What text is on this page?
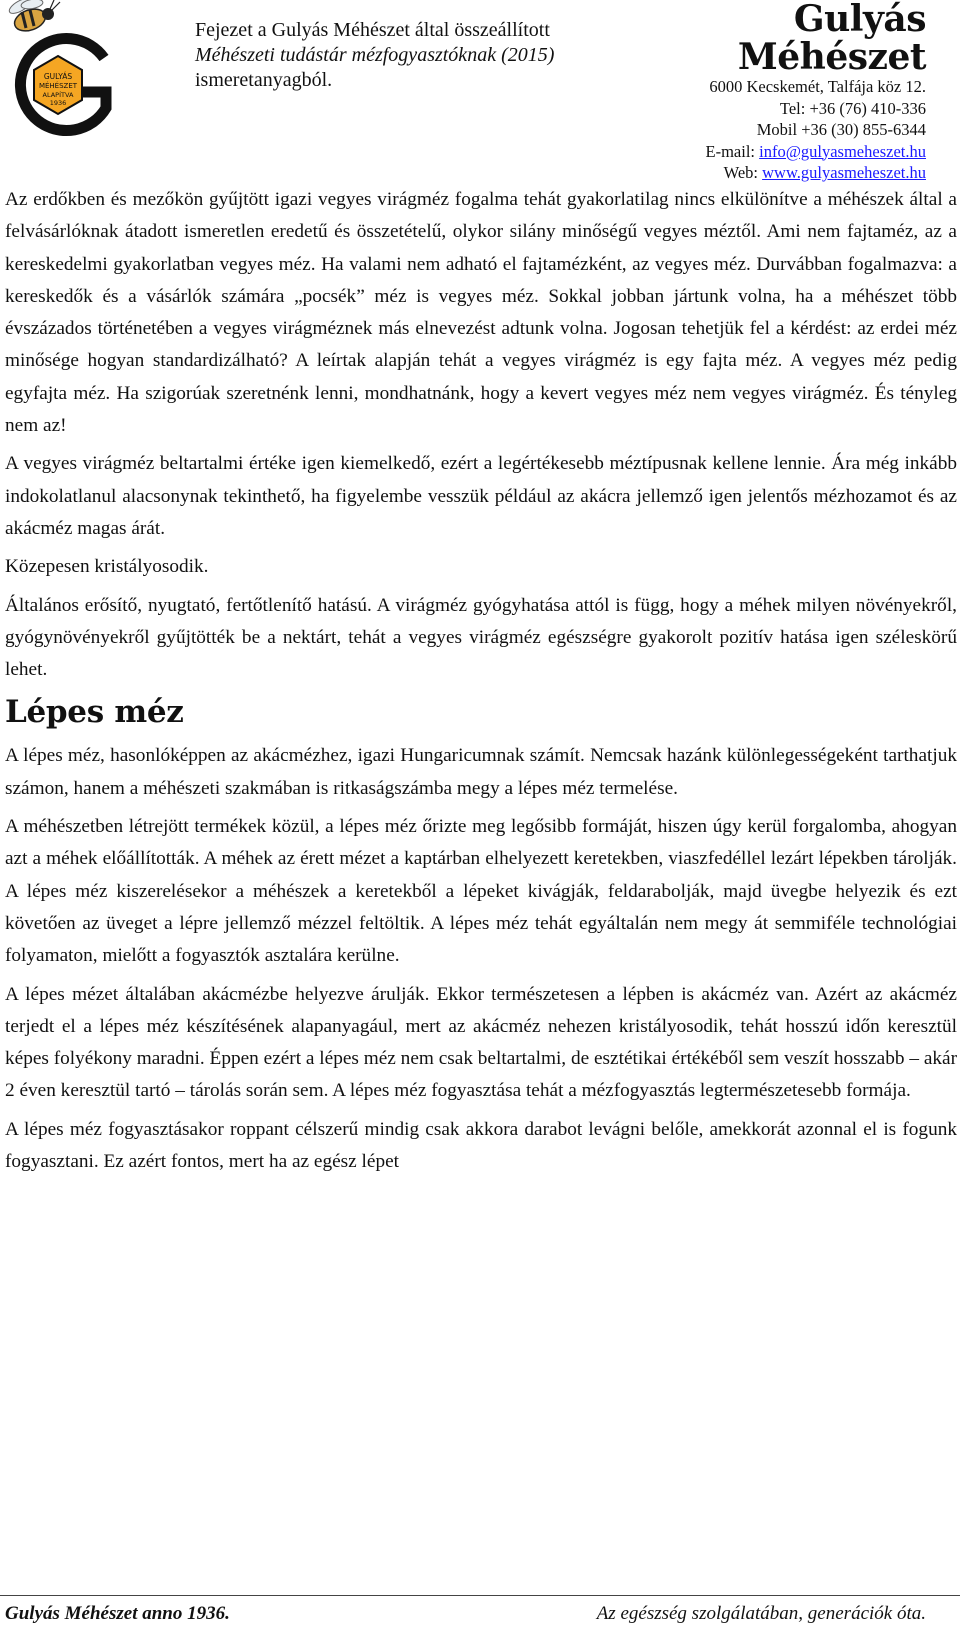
GULYÁS
MÉHÉSZET
ALAPÍTVA
1936
Fejezet a Gulyás Méhészet által összeállított
Méhészeti tudástár mézfogyasztóknak (2015)
ismeretanyagból.
Gulyás Méhészet
6000 Kecskemét, Talfája köz 12.
Tel: +36 (76) 410-336
Mobil +36 (30) 855-6344
E-mail: info@gulyasmeheszet.hu
Web: www.gulyasmeheszet.hu

Az erdőkben és mezőkön gyűjtött igazi vegyes virágméz fogalma tehát gyakorlatilag nincs elkülönítve a méhészek által a felvásárlóknak átadott ismeretlen eredetű és összetételű, olykor silány minőségű vegyes méztől. Ami nem fajtaméz, az a kereskedelmi gyakorlatban vegyes méz. Ha valami nem adható el fajtamézként, az vegyes méz. Durvábban fogalmazva: a kereskedők és a vásárlók számára „pocsék” méz is vegyes méz. Sokkal jobban jártunk volna, ha a méhészet több évszázados történetében a vegyes virágméznek más elnevezést adtunk volna. Jogosan tehetjük fel a kérdést: az erdei méz minősége hogyan standardizálható? A leírtak alapján tehát a vegyes virágméz is egy fajta méz. A vegyes méz pedig egyfajta méz. Ha szigorúak szeretnénk lenni, mondhatnánk, hogy a kevert vegyes méz nem vegyes virágméz. És tényleg nem az!

A vegyes virágméz beltartalmi értéke igen kiemelkedő, ezért a legértékesebb méztípusnak kellene lennie. Ára még inkább indokolatlanul alacsonynak tekinthető, ha figyelembe vesszük például az akácra jellemző igen jelentős mézhozamot és az akácméz magas árát.

Közepesen kristályosodik.

Általános erősítő, nyugtató, fertőtlenítő hatású. A virágméz gyógyhatása attól is függ, hogy a méhek milyen növényekről, gyógynövényekről gyűjtötték be a nektárt, tehát a vegyes virágméz egészségre gyakorolt pozitív hatása igen széleskörű lehet.

Lépes méz

A lépes méz, hasonlóképpen az akácmézhez, igazi Hungaricumnak számít. Nemcsak hazánk különlegességeként tarthatjuk számon, hanem a méhészeti szakmában is ritkaságszámba megy a lépes méz termelése.

A méhészetben létrejött termékek közül, a lépes méz őrizte meg legősibb formáját, hiszen úgy kerül forgalomba, ahogyan azt a méhek előállították. A méhek az érett mézet a kaptárban elhelyezett keretekben, viaszfedéllel lezárt lépekben tárolják. A lépes méz kiszerelésekor a méhészek a keretekből a lépeket kivágják, feldarabolják, majd üvegbe helyezik és ezt követően az üveget a lépre jellemző mézzel feltöltik. A lépes méz tehát egyáltalán nem megy át semmiféle technológiai folyamaton, mielőtt a fogyasztók asztalára kerülne.

A lépes mézet általában akácmézbe helyezve árulják. Ekkor természetesen a lépben is akácméz van. Azért az akácméz terjedt el a lépes méz készítésének alapanyagául, mert az akácméz nehezen kristályosodik, tehát hosszú időn keresztül képes folyékony maradni. Éppen ezért a lépes méz nem csak beltartalmi, de esztétikai értékéből sem veszít hosszabb – akár 2 éven keresztül tartó – tárolás során sem. A lépes méz fogyasztása tehát a mézfogyasztás legtermészetesebb formája.

A lépes méz fogyasztásakor roppant célszerű mindig csak akkora darabot levágni belőle, amekkorát azonnal el is fogunk fogyasztani. Ez azért fontos, mert ha az egész lépet

Gulyás Méhészet anno 1936.	Az egészség szolgálatában, generációk óta.
